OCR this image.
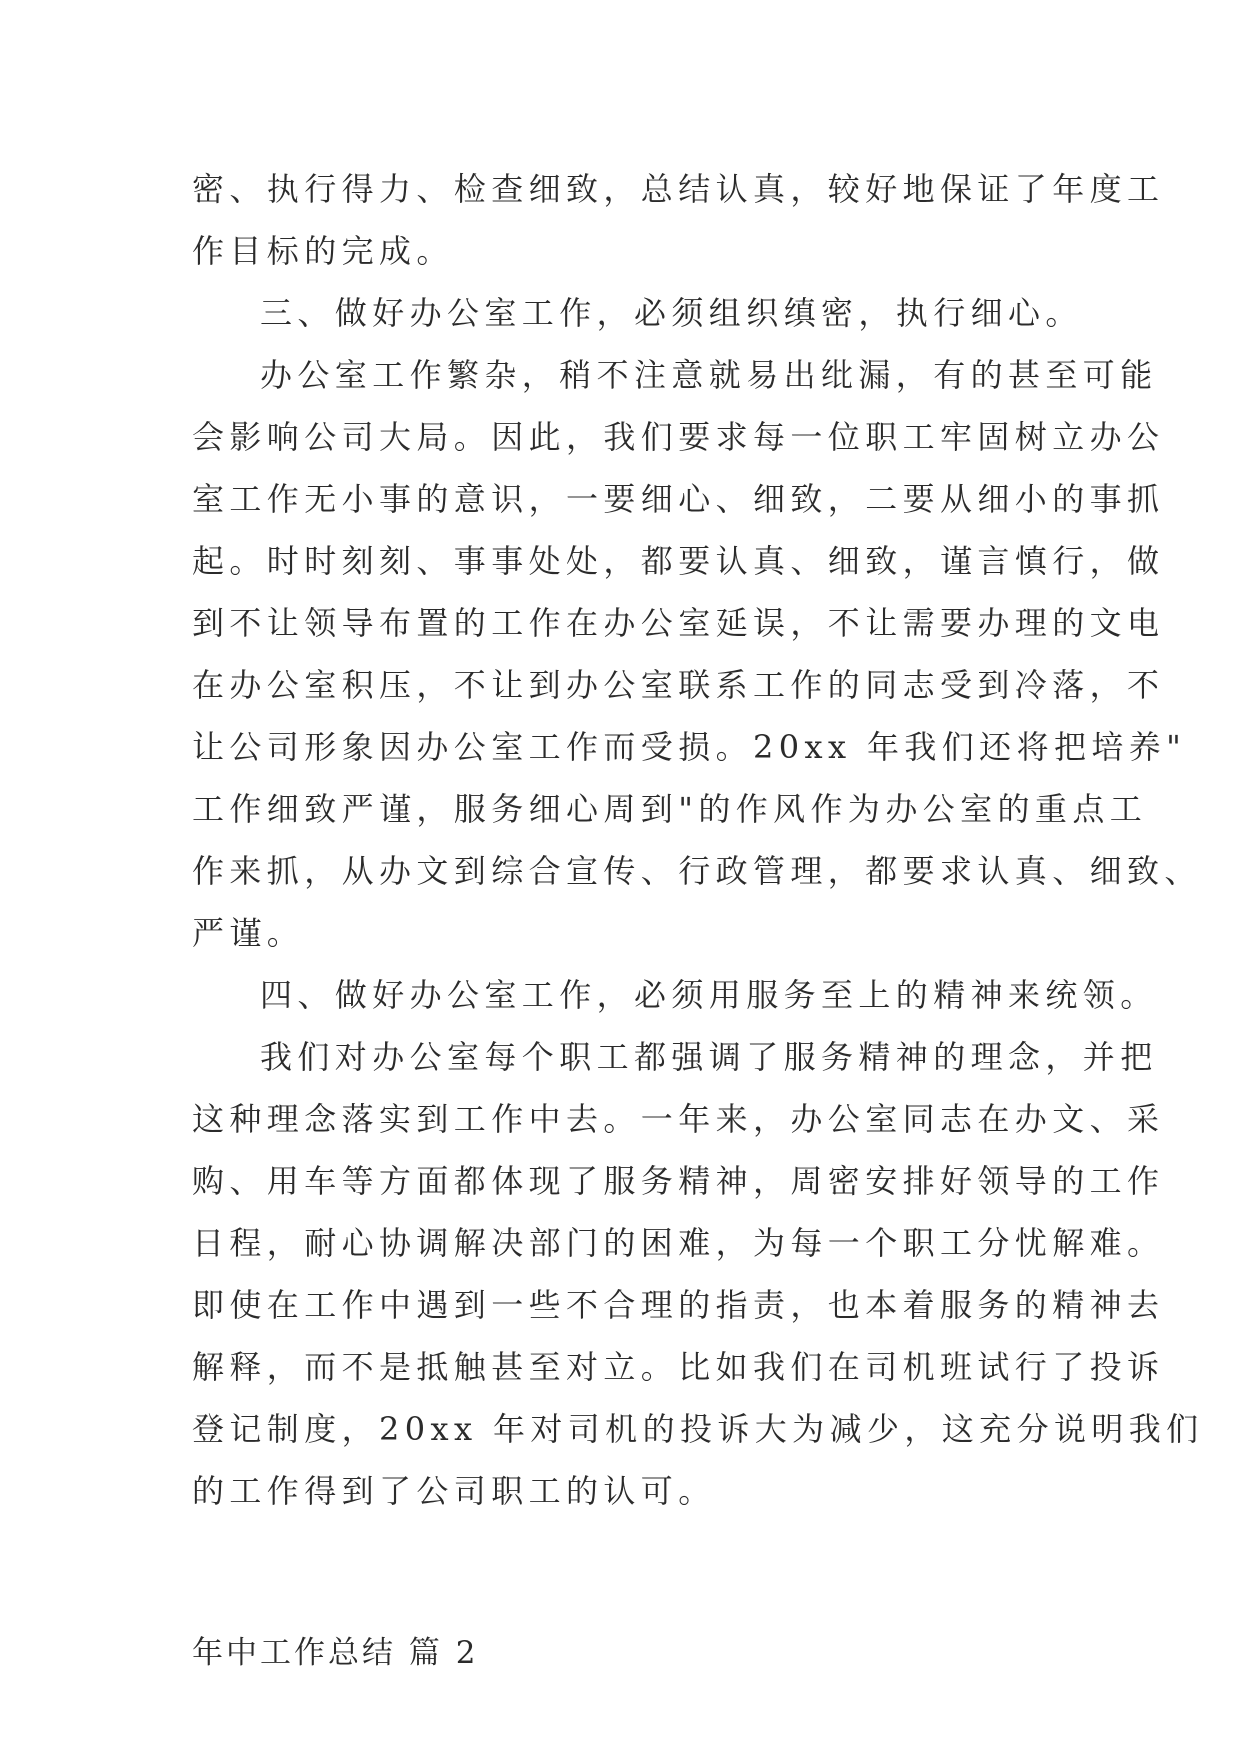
密、执行得力、检查细致，总结认真，较好地保证了年度工
作目标的完成。
三、做好办公室工作，必须组织缜密，执行细心。
办公室工作繁杂，稍不注意就易出纰漏，有的甚至可能
会影响公司大局。因此，我们要求每一位职工牢固树立办公
室工作无小事的意识，一要细心、细致，二要从细小的事抓
起。时时刻刻、事事处处，都要认真、细致，谨言慎行，做
到不让领导布置的工作在办公室延误，不让需要办理的文电
在办公室积压，不让到办公室联系工作的同志受到冷落，不
让公司形象因办公室工作而受损。20xx 年我们还将把培养"
工作细致严谨，服务细心周到"的作风作为办公室的重点工
作来抓，从办文到综合宣传、行政管理，都要求认真、细致、
严谨。
四、做好办公室工作，必须用服务至上的精神来统领。
我们对办公室每个职工都强调了服务精神的理念，并把
这种理念落实到工作中去。一年来，办公室同志在办文、采
购、用车等方面都体现了服务精神，周密安排好领导的工作
日程，耐心协调解决部门的困难，为每一个职工分忧解难。
即使在工作中遇到一些不合理的指责，也本着服务的精神去
解释，而不是抵触甚至对立。比如我们在司机班试行了投诉
登记制度，20xx 年对司机的投诉大为减少，这充分说明我们
的工作得到了公司职工的认可。
年中工作总结 篇 2
